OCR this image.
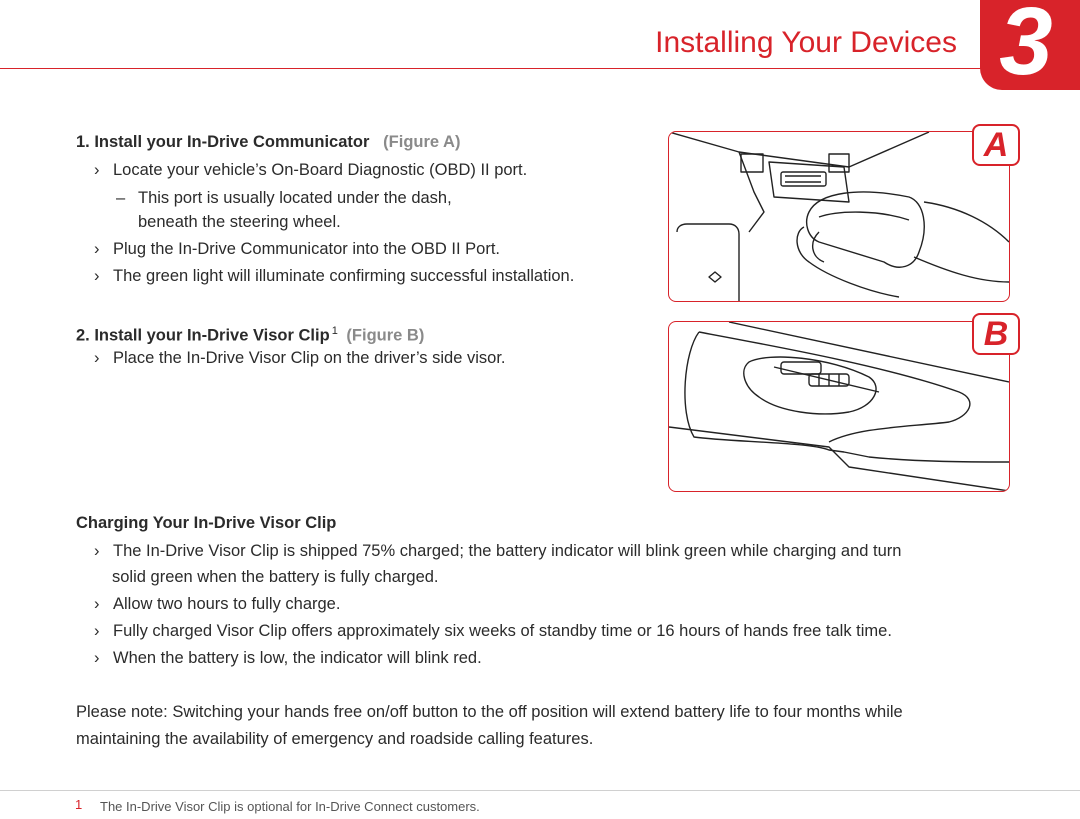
Installing Your Devices 3
1. Install your In-Drive Communicator (Figure A)
› Locate your vehicle’s On-Board Diagnostic (OBD) II port.
– This port is usually located under the dash,
beneath the steering wheel.
› Plug the In-Drive Communicator into the OBD II Port.
› The green light will illuminate confirming successful installation.
2. Install your In-Drive Visor Clip $^1$ (Figure B)
› Place the In-Drive Visor Clip on the driver’s side visor.
A
B
Charging Your In-Drive Visor Clip
› The In-Drive Visor Clip is shipped 75% charged; the battery indicator will blink green while charging and turn
solid green when the battery is fully charged.
› Allow two hours to fully charge.
› Fully charged Visor Clip offers approximately six weeks of standby time or 16 hours of hands free talk time.
› When the battery is low, the indicator will blink red.
Please note: Switching your hands free on/off button to the off position will extend battery life to four months while
maintaining the availability of emergency and roadside calling features.
1 The In-Drive Visor Clip is optional for In-Drive Connect customers.
